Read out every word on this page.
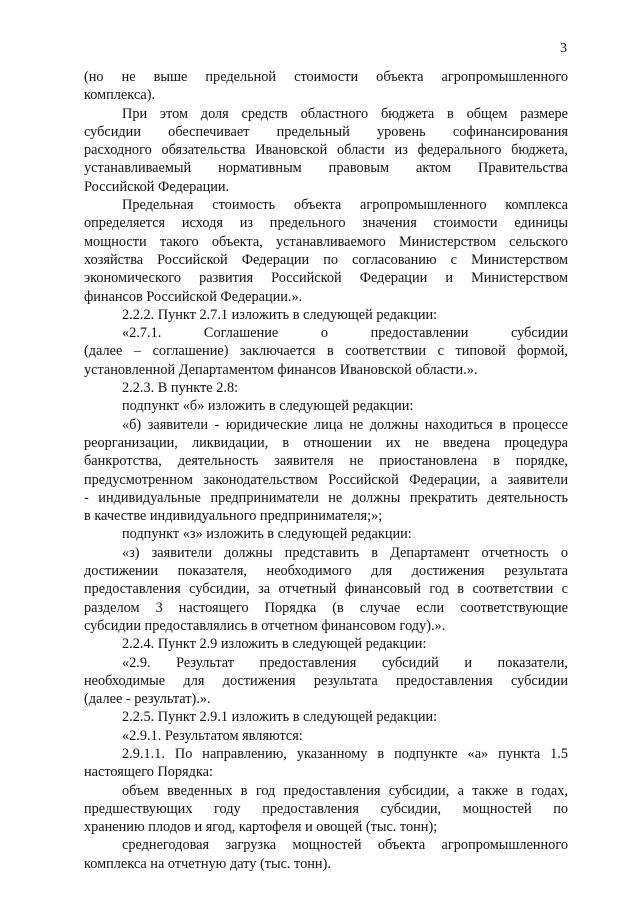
3
(но не выше предельной стоимости объекта агропромышленного
комплекса).
При этом доля средств областного бюджета в общем размере
субсидии обеспечивает предельный уровень софинансирования
расходного обязательства Ивановской области из федерального бюджета,
устанавливаемый нормативным правовым актом Правительства
Российской Федерации.
Предельная стоимость объекта агропромышленного комплекса
определяется исходя из предельного значения стоимости единицы
мощности такого объекта, устанавливаемого Министерством сельского
хозяйства Российской Федерации по согласованию с Министерством
экономического развития Российской Федерации и Министерством
финансов Российской Федерации.».
2.2.2. Пункт 2.7.1 изложить в следующей редакции:
«2.7.1. Соглашение о предоставлении субсидии
(далее – соглашение) заключается в соответствии с типовой формой,
установленной Департаментом финансов Ивановской области.».
2.2.3. В пункте 2.8:
подпункт «б» изложить в следующей редакции:
«б) заявители - юридические лица не должны находиться в процессе
реорганизации, ликвидации, в отношении их не введена процедура
банкротства, деятельность заявителя не приостановлена в порядке,
предусмотренном законодательством Российской Федерации, а заявители
- индивидуальные предприниматели не должны прекратить деятельность
в качестве индивидуального предпринимателя;»;
подпункт «з» изложить в следующей редакции:
«з) заявители должны представить в Департамент отчетность о
достижении показателя, необходимого для достижения результата
предоставления субсидии, за отчетный финансовый год в соответствии с
разделом 3 настоящего Порядка (в случае если соответствующие
субсидии предоставлялись в отчетном финансовом году).».
2.2.4. Пункт 2.9 изложить в следующей редакции:
«2.9. Результат предоставления субсидий и показатели,
необходимые для достижения результата предоставления субсидии
(далее - результат).».
2.2.5. Пункт 2.9.1 изложить в следующей редакции:
«2.9.1. Результатом являются:
2.9.1.1. По направлению, указанному в подпункте «а» пункта 1.5
настоящего Порядка:
объем введенных в год предоставления субсидии, а также в годах,
предшествующих году предоставления субсидии, мощностей по
хранению плодов и ягод, картофеля и овощей (тыс. тонн);
среднегодовая загрузка мощностей объекта агропромышленного
комплекса на отчетную дату (тыс. тонн).
